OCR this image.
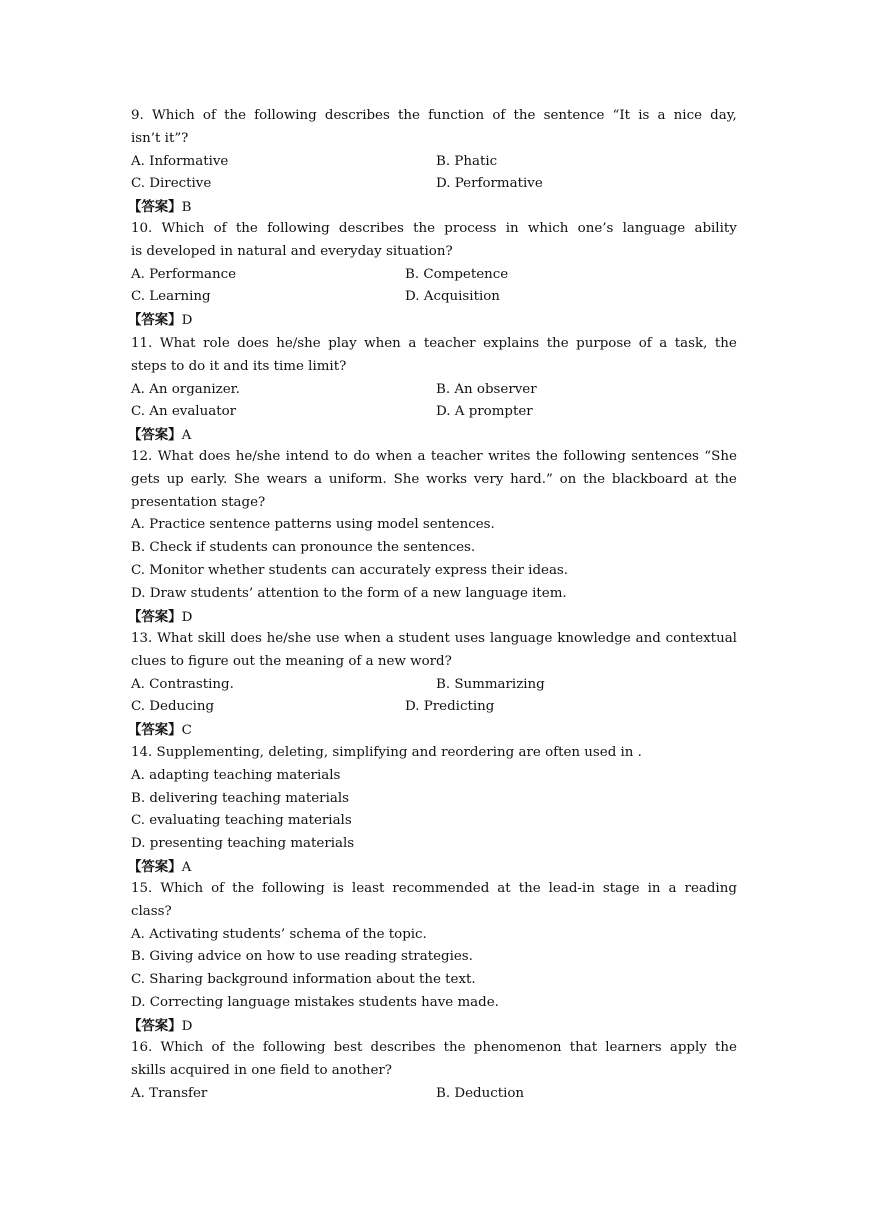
9. Which of the following describes the function of the sentence “It is a nice day,
isn’t it”?
A. Informative	B. Phatic
C. Directive	D. Performative
【答案】B
10. Which of the following describes the process in which one’s language ability
is developed in natural and everyday situation?
A. Performance	B. Competence
C. Learning	D. Acquisition
【答案】D
11. What role does he/she play when a teacher explains the purpose of a task, the
steps to do it and its time limit?
A. An organizer.	B. An observer
C. An evaluator	D. A prompter
【答案】A
12. What does he/she intend to do when a teacher writes the following sentences “She
gets up early. She wears a uniform. She works very hard.” on the blackboard at the
presentation stage?
A. Practice sentence patterns using model sentences.
B. Check if students can pronounce the sentences.
C. Monitor whether students can accurately express their ideas.
D. Draw students’ attention to the form of a new language item.
【答案】D
13. What skill does he/she use when a student uses language knowledge and contextual
clues to figure out the meaning of a new word?
A. Contrasting.	B. Summarizing
C. Deducing	D. Predicting
【答案】C
14. Supplementing, deleting, simplifying and reordering are often used in .
A. adapting teaching materials
B. delivering teaching materials
C. evaluating teaching materials
D. presenting teaching materials
【答案】A
15. Which of the following is least recommended at the lead-in stage in a reading
class?
A. Activating students’ schema of the topic.
B. Giving advice on how to use reading strategies.
C. Sharing background information about the text.
D. Correcting language mistakes students have made.
【答案】D
16. Which of the following best describes the phenomenon that learners apply the
skills acquired in one field to another?
A. Transfer	B. Deduction
